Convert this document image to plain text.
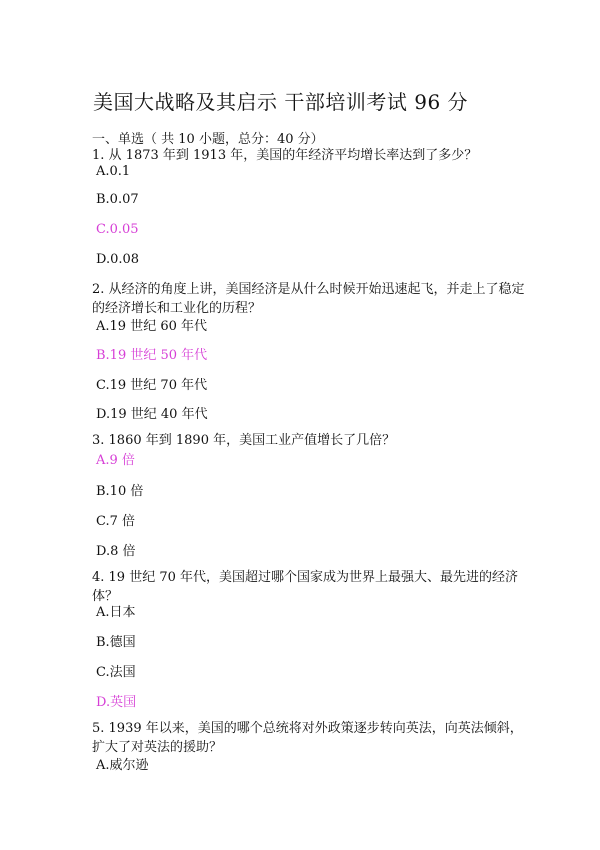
美国大战略及其启示 干部培训考试 96 分
一、单选（ 共 10 小题，总分：40 分）
1. 从 1873 年到 1913 年，美国的年经济平均增长率达到了多少？
A.0.1
B.0.07
C.0.05
D.0.08
2. 从经济的角度上讲，美国经济是从什么时候开始迅速起飞，并走上了稳定的经济增长和工业化的历程？
A.19 世纪 60 年代
B.19 世纪 50 年代
C.19 世纪 70 年代
D.19 世纪 40 年代
3. 1860 年到 1890 年，美国工业产值增长了几倍？
A.9 倍
B.10 倍
C.7 倍
D.8 倍
4. 19 世纪 70 年代，美国超过哪个国家成为世界上最强大、最先进的经济体？
A.日本
B.德国
C.法国
D.英国
5. 1939 年以来，美国的哪个总统将对外政策逐步转向英法，向英法倾斜，扩大了对英法的援助？
A.威尔逊
